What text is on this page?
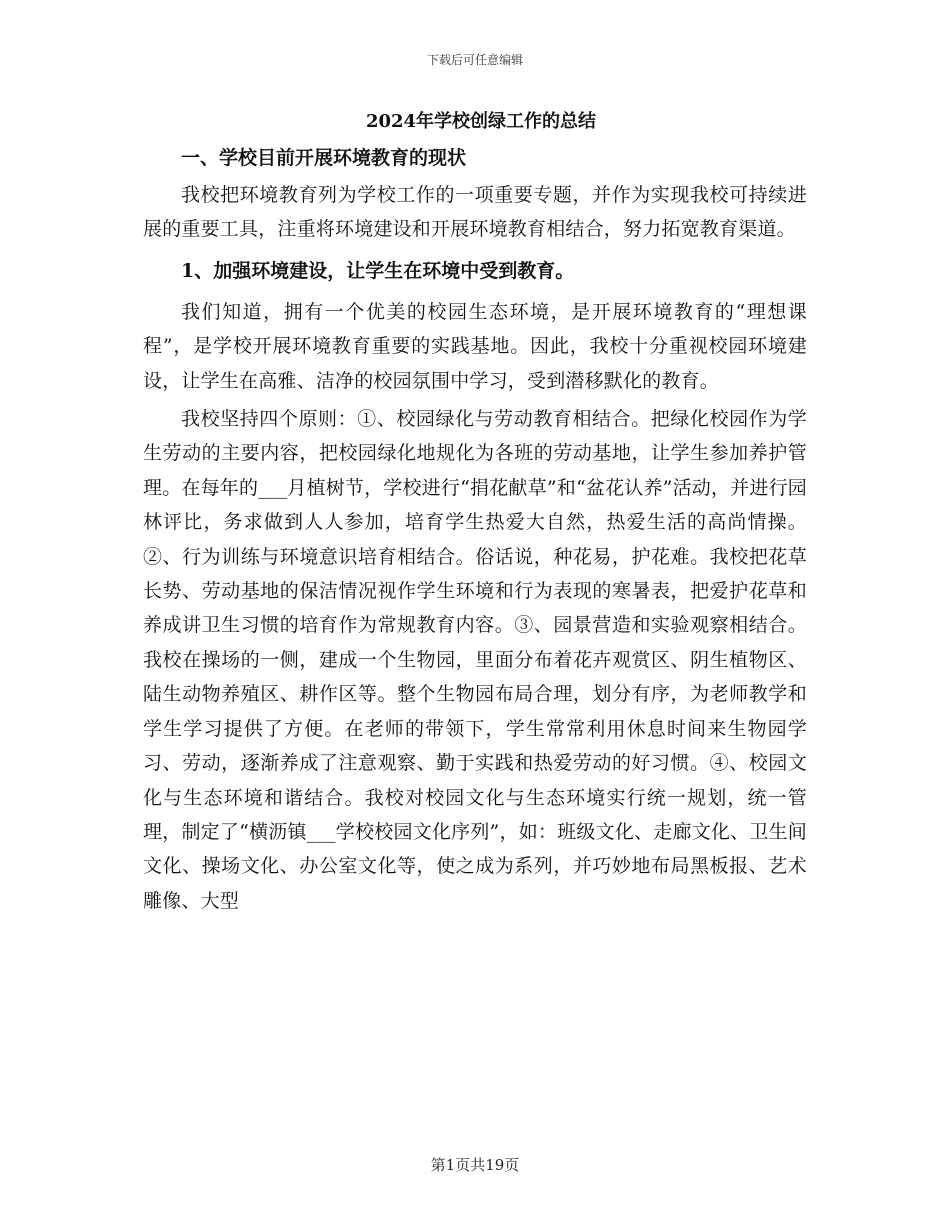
下载后可任意编辑
2024年学校创绿工作的总结
一、学校目前开展环境教育的现状

我校把环境教育列为学校工作的一项重要专题，并作为实现我校可持续进展的重要工具，注重将环境建设和开展环境教育相结合，努力拓宽教育渠道。

1、加强环境建设，让学生在环境中受到教育。

我们知道，拥有一个优美的校园生态环境，是开展环境教育的“理想课程”，是学校开展环境教育重要的实践基地。因此，我校十分重视校园环境建设，让学生在高雅、洁净的校园氛围中学习，受到潜移默化的教育。

我校坚持四个原则：①、校园绿化与劳动教育相结合。把绿化校园作为学生劳动的主要内容，把校园绿化地规化为各班的劳动基地，让学生参加养护管理。在每年的___月植树节，学校进行“捐花献草”和“盆花认养”活动，并进行园林评比，务求做到人人参加，培育学生热爱大自然，热爱生活的高尚情操。②、行为训练与环境意识培育相结合。俗话说，种花易，护花难。我校把花草长势、劳动基地的保洁情况视作学生环境和行为表现的寒暑表，把爱护花草和养成讲卫生习惯的培育作为常规教育内容。③、园景营造和实验观察相结合。我校在操场的一侧，建成一个生物园，里面分布着花卉观赏区、阴生植物区、陆生动物养殖区、耕作区等。整个生物园布局合理，划分有序，为老师教学和学生学习提供了方便。在老师的带领下，学生常常利用休息时间来生物园学习、劳动，逐渐养成了注意观察、勤于实践和热爱劳动的好习惯。④、校园文化与生态环境和谐结合。我校对校园文化与生态环境实行统一规划，统一管理，制定了“横沥镇___学校校园文化序列”，如：班级文化、走廊文化、卫生间文化、操场文化、办公室文化等，使之成为系列，并巧妙地布局黑板报、艺术雕像、大型

第1页共19页
